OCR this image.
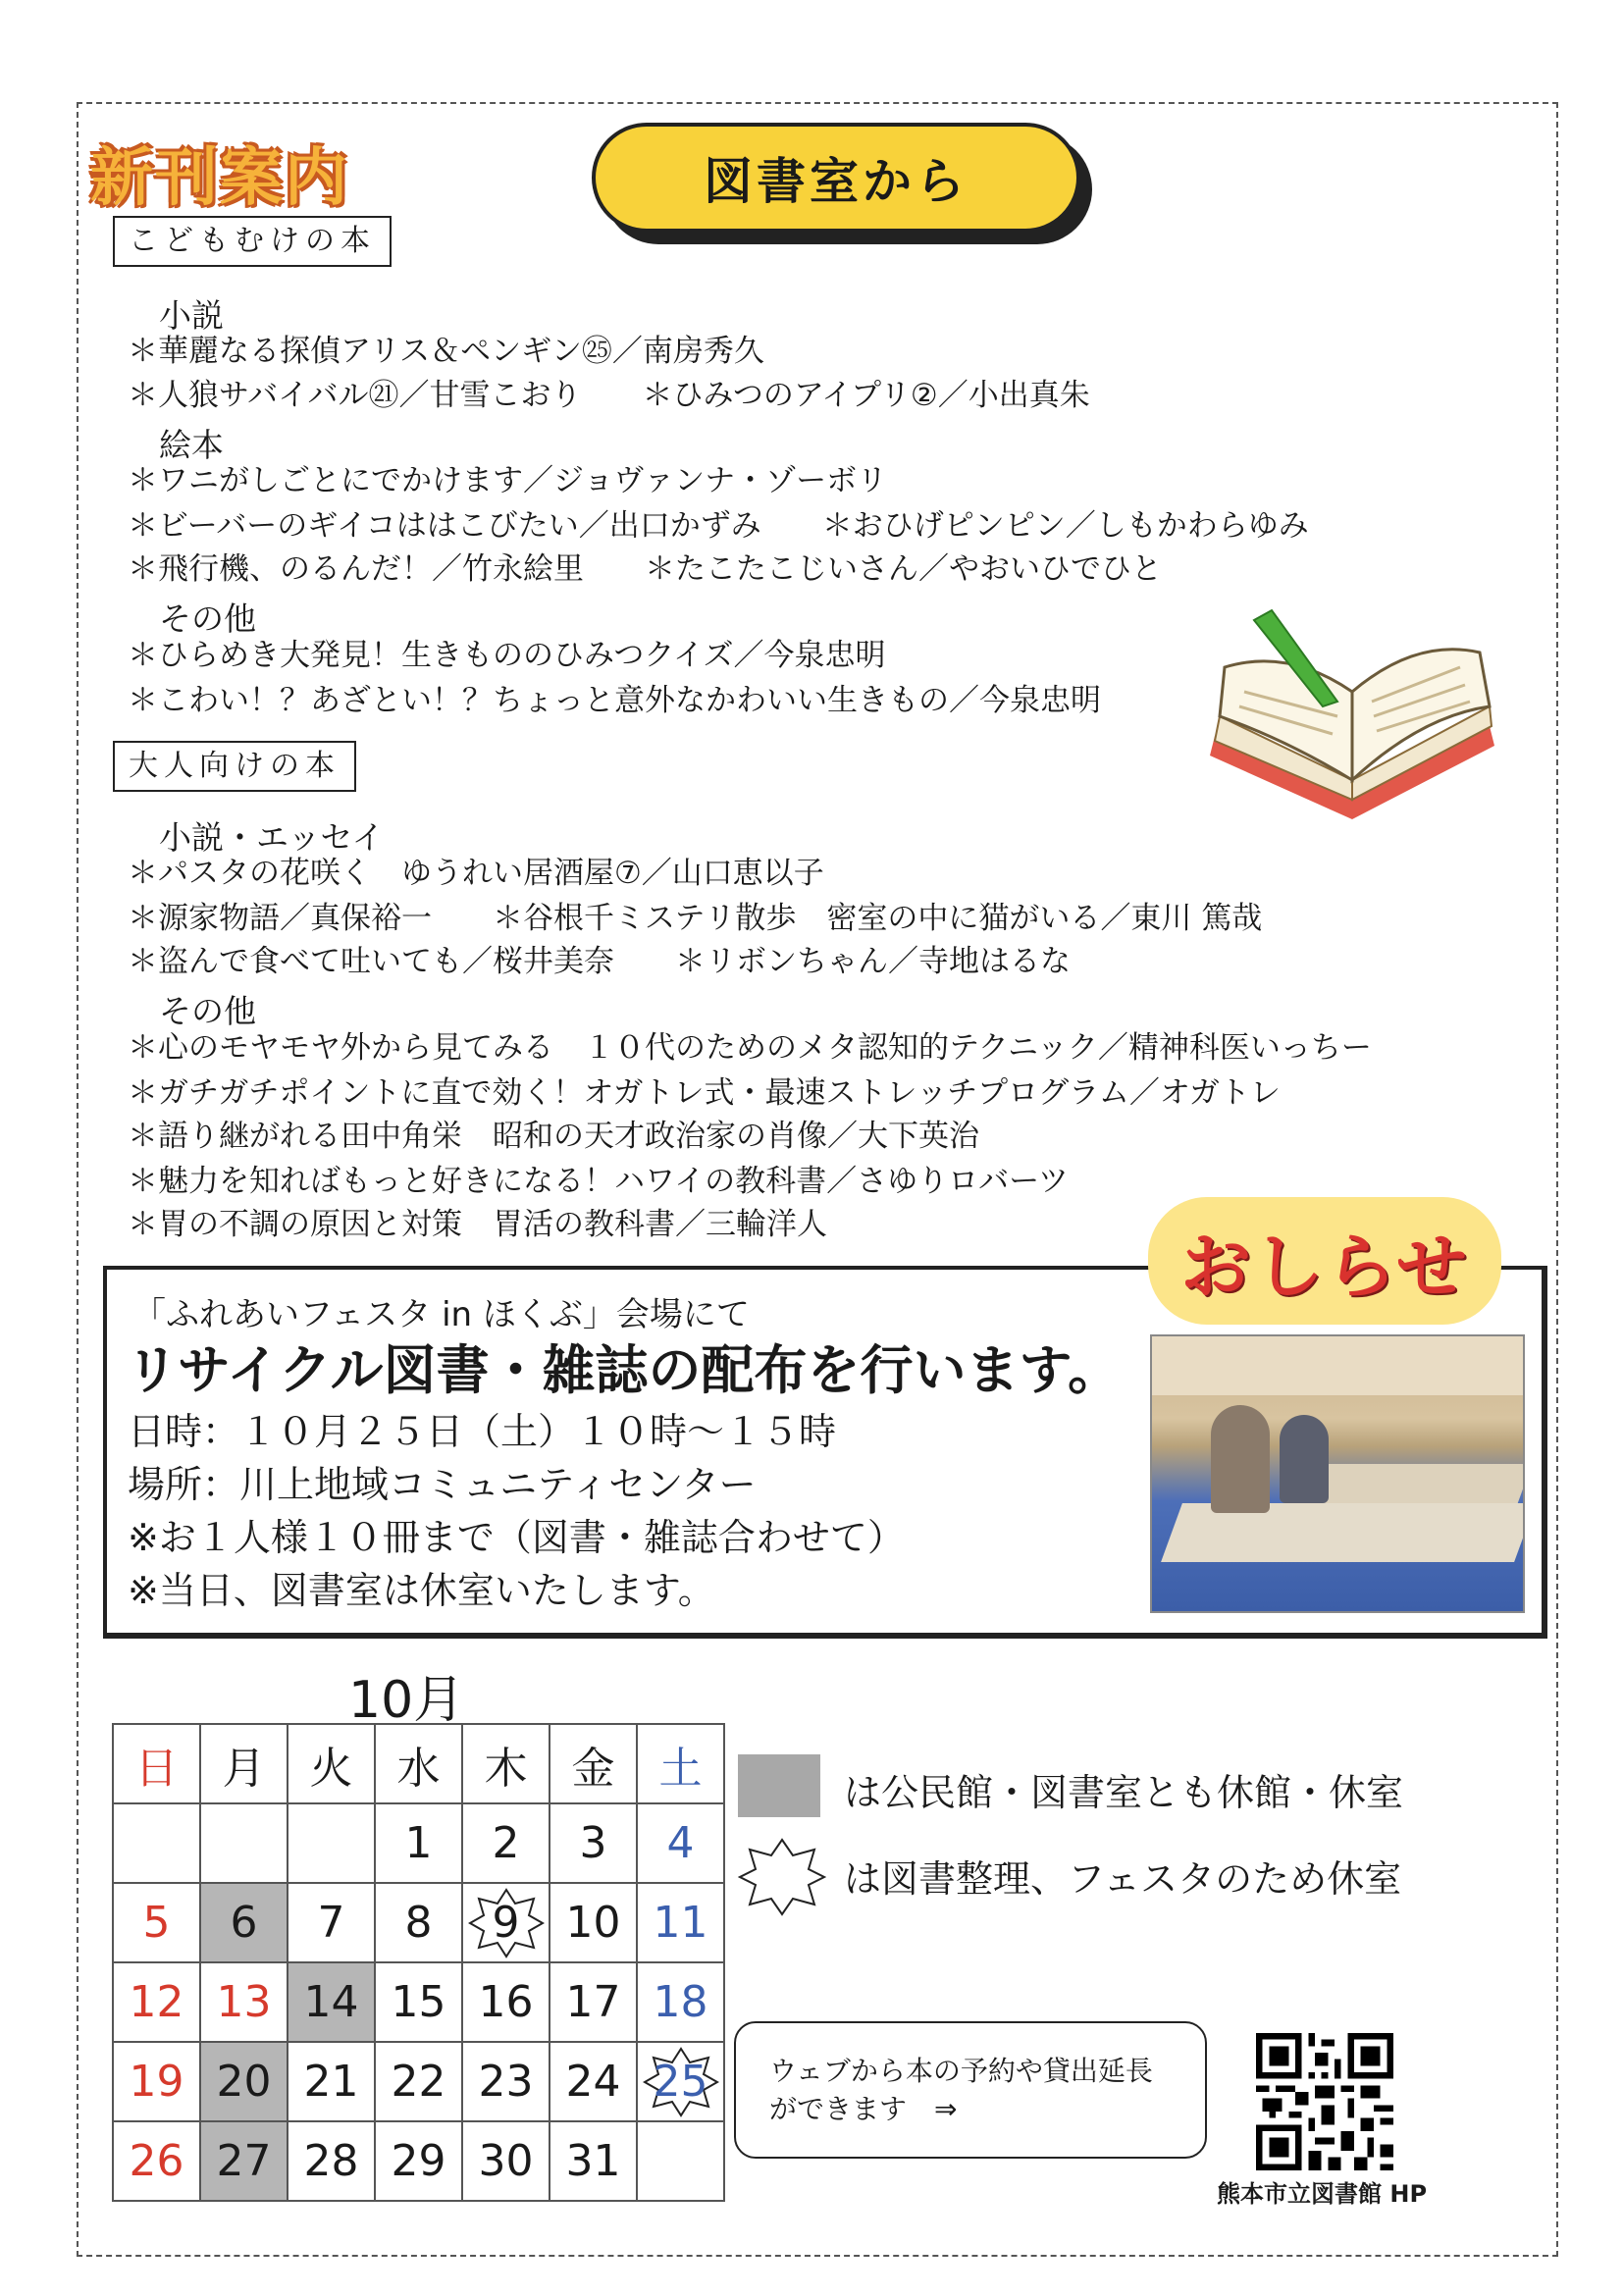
新刊案内	図書室から
こどもむけの本
小説
＊華麗なる探偵アリス＆ペンギン㉕／南房秀久
＊人狼サバイバル㉑／甘雪こおり　　＊ひみつのアイプリ②／小出真朱
絵本
＊ワニがしごとにでかけます／ジョヴァンナ・ゾーボリ
＊ビーバーのギイコははこびたい／出口かずみ　　＊おひげピンピン／しもかわらゆみ
＊飛行機、のるんだ！／竹永絵里　　＊たこたこじいさん／やおいひでひと
その他
＊ひらめき大発見！生きもののひみつクイズ／今泉忠明
＊こわい！？あざとい！？ちょっと意外なかわいい生きもの／今泉忠明
大人向けの本
小説・エッセイ
＊パスタの花咲く　ゆうれい居酒屋⑦／山口恵以子
＊源家物語／真保裕一　　＊谷根千ミステリ散歩　密室の中に猫がいる／東川 篤哉
＊盗んで食べて吐いても／桜井美奈　　＊リボンちゃん／寺地はるな
その他
＊心のモヤモヤ外から見てみる　１０代のためのメタ認知的テクニック／精神科医いっちー
＊ガチガチポイントに直で効く！オガトレ式・最速ストレッチプログラム／オガトレ
＊語り継がれる田中角栄　昭和の天才政治家の肖像／大下英治
＊魅力を知ればもっと好きになる！ハワイの教科書／さゆりロバーツ
＊胃の不調の原因と対策　胃活の教科書／三輪洋人
おしらせ
「ふれあいフェスタ in ほくぶ」会場にて
リサイクル図書・雑誌の配布を行います。
日時：１０月２５日（土）１０時～１５時
場所：川上地域コミュニティセンター
※お１人様１０冊まで（図書・雑誌合わせて）
※当日、図書室は休室いたします。
10月
日	月	火	水	木	金	土
			1	2	3	4
5	6	7	8	9	10	11
12	13	14	15	16	17	18
19	20	21	22	23	24	25
26	27	28	29	30	31	
は公民館・図書室とも休館・休室
は図書整理、フェスタのため休室
ウェブから本の予約や貸出延長
ができます　⇒
熊本市立図書館 HP
